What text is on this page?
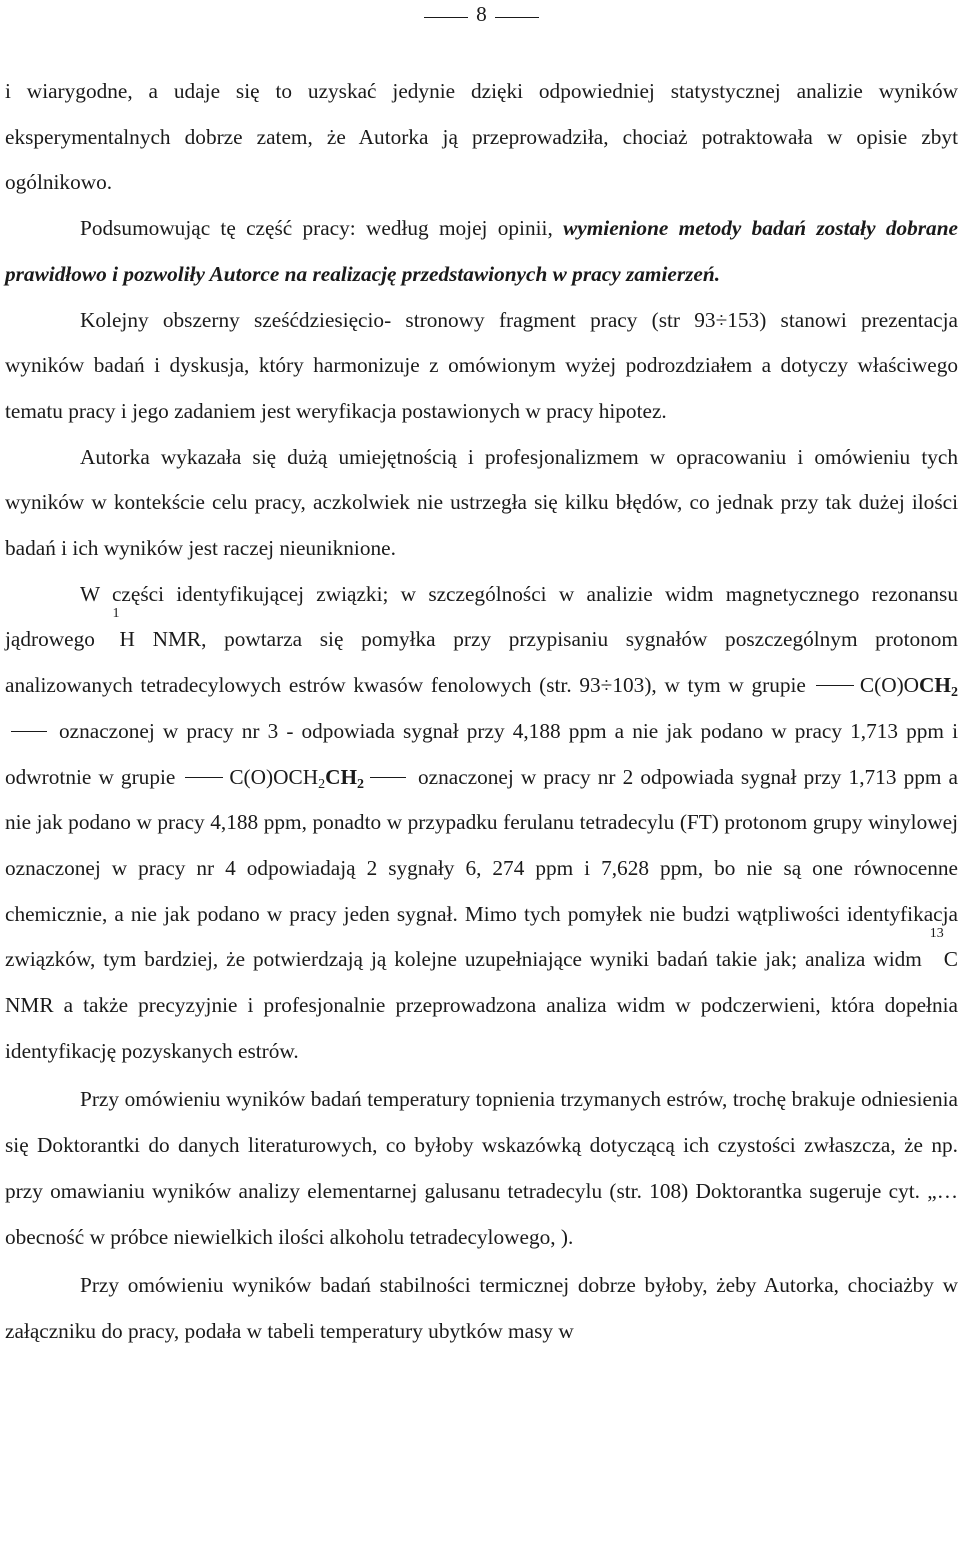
8

i wiarygodne, a udaje się to uzyskać jedynie dzięki odpowiedniej statystycznej analizie wyników eksperymentalnych dobrze zatem, że Autorka ją przeprowadziła, chociaż potraktowała w opisie zbyt ogólnikowo.

Podsumowując tę część pracy: według mojej opinii, wymienione metody badań zostały dobrane prawidłowo i pozwoliły Autorce na realizację przedstawionych w pracy zamierzeń.

Kolejny obszerny sześćdziesięcio- stronowy fragment pracy (str 93÷153) stanowi prezentacja wyników badań i dyskusja, który harmonizuje z omówionym wyżej podrozdziałem a dotyczy właściwego tematu pracy i jego zadaniem jest weryfikacja postawionych w pracy hipotez.

Autorka wykazała się dużą umiejętnością i profesjonalizmem w opracowaniu i omówieniu tych wyników w kontekście celu pracy, aczkolwiek nie ustrzegła się kilku błędów, co jednak przy tak dużej ilości badań i ich wyników jest raczej nieuniknione.

W części identyfikującej związki; w szczególności w analizie widm magnetycznego rezonansu jądrowego $^1$H NMR, powtarza się pomyłka przy przypisaniu sygnałów poszczególnym protonom analizowanych tetradecylowych estrów kwasów fenolowych (str. 93÷103), w tym w grupie	$C(O)OCH_2oznaczonej$ w pracy nr 3 - odpowiada sygnał przy 4,188 ppm a nie jak podano w pracy 1,713 ppm i odwrotnie w grupie	$C(O)OCH_2CH_2$	oznaczonej w pracy nr 2 odpowiada sygnał przy 1,713 ppm a nie jak podano w pracy 4,188 ppm, ponadto w przypadku ferulanu tetradecylu (FT) protonom grupy winylowej oznaczonej w pracy nr 4 odpowiadają 2 sygnały 6, 274 ppm i 7,628 ppm, bo nie są one równocenne chemicznie, a nie jak podano w pracy jeden sygnał. Mimo tych pomyłek nie budzi wątpliwości identyfikacja związków, tym bardziej, że potwierdzają ją kolejne uzupełniające wyniki badań takie jak; analiza widm $^{13}$C NMR a także precyzyjnie i profesjonalnie przeprowadzona analiza widm w podczerwieni, która dopełnia identyfikację pozyskanych estrów.

Przy omówieniu wyników badań temperatury topnienia trzymanych estrów, trochę brakuje odniesienia się Doktorantki do danych literaturowych, co byłoby wskazówką dotyczącą ich czystości zwłaszcza, że np. przy omawianiu wyników analizy elementarnej galusanu tetradecylu (str. 108) Doktorantka sugeruje cyt. „…obecność w próbce niewielkich ilości alkoholu tetradecylowego, ).

Przy omówieniu wyników badań stabilności termicznej dobrze byłoby, żeby Autorka, chociażby w załączniku do pracy, podała w tabeli temperatury ubytków masy w
